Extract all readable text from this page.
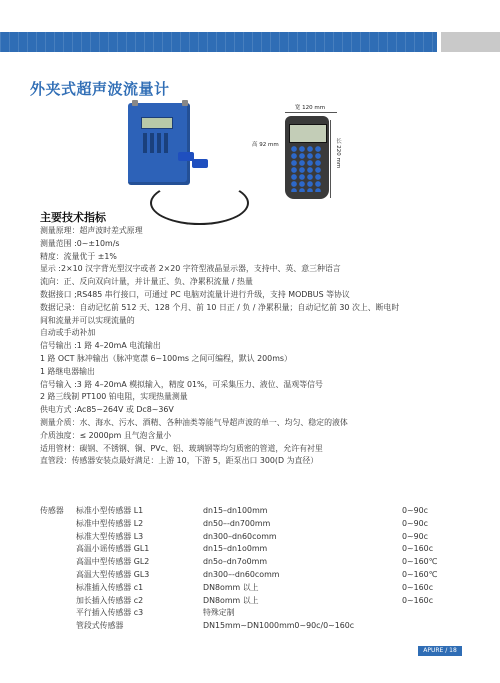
外夹式超声波流量计
宽 120 mm
高 92 mm	长 220 mm
主要技术指标
测量原理：超声波时差式原理
测量范围 :0~±10m/s
精度：流量优于 ±1%
显示 :2×10 汉字背光型汉字或者 2×20 字符型液晶显示器，支持中、英、意三种语言
流向：正、反向双向计量，并计量正、负、净累积流量 / 热量
数据接口 ;RS485 串行接口，可通过 PC 电脑对流量计进行升级，支持 MODBUS 等协议
数据记录：自动记忆前 512 天、128 个月、前 10 日正 / 负 / 净累积量；自动记忆前 30 次上、断电时
间和流量并可以实现流量的
自动或手动补加
信号输出 :1 路 4–20mA 电流输出
1 路 OCT 脉冲输出（脉冲宽凚 6~100ms 之间可编程，默认 200ms）
1 路继电器输出
信号输入 :3 路 4–20mA 模拟输入，精度 01%，可采集压力、液位、温观等信号
2 路三线制 PT100 铂电阻，实现热量测量
供电方式 :Ac85~264V 或 Dc8~36V
测量介质：水、海水、污水、酒精、各种油类等能气导超声波的单一、均匀、稳定的液体
介质浊度：≤ 2000pm 且气泡含量小
适用管材：碳钢、不锈钢、铜、PVc、铝、玻璃钢等均匀质密的管道，允许有衬里
直管段：传感器安装点最好满足：上游 10，下游 5，距泵出口 300(D 为直径）
传感器 标准小型传感器 L1	dn15–dn100mm	0~90c
标准中型传感器 L2	dn50–-dn700mm	0~90c
标准大型传感器 L3	dn300–dn60comm	0~90c
高温小谣传感器 GL1	dn15–dn1o0mm	0~160c
高温中型传感器 GL2	dn5o–dn7o0mm	0~160℃
高温大型传感器 GL3	dn300–-dn60comm	0~160℃
标准插入传感器 c1	DN8omm 以上	0~160c
加长插入传感器 c2	DN8omm 以上	0~160c
平行插入传感器 c3	特殊定制
管段式传感器	DN15mm~DN1000mm0~90c/0~160c
APURE / 18
